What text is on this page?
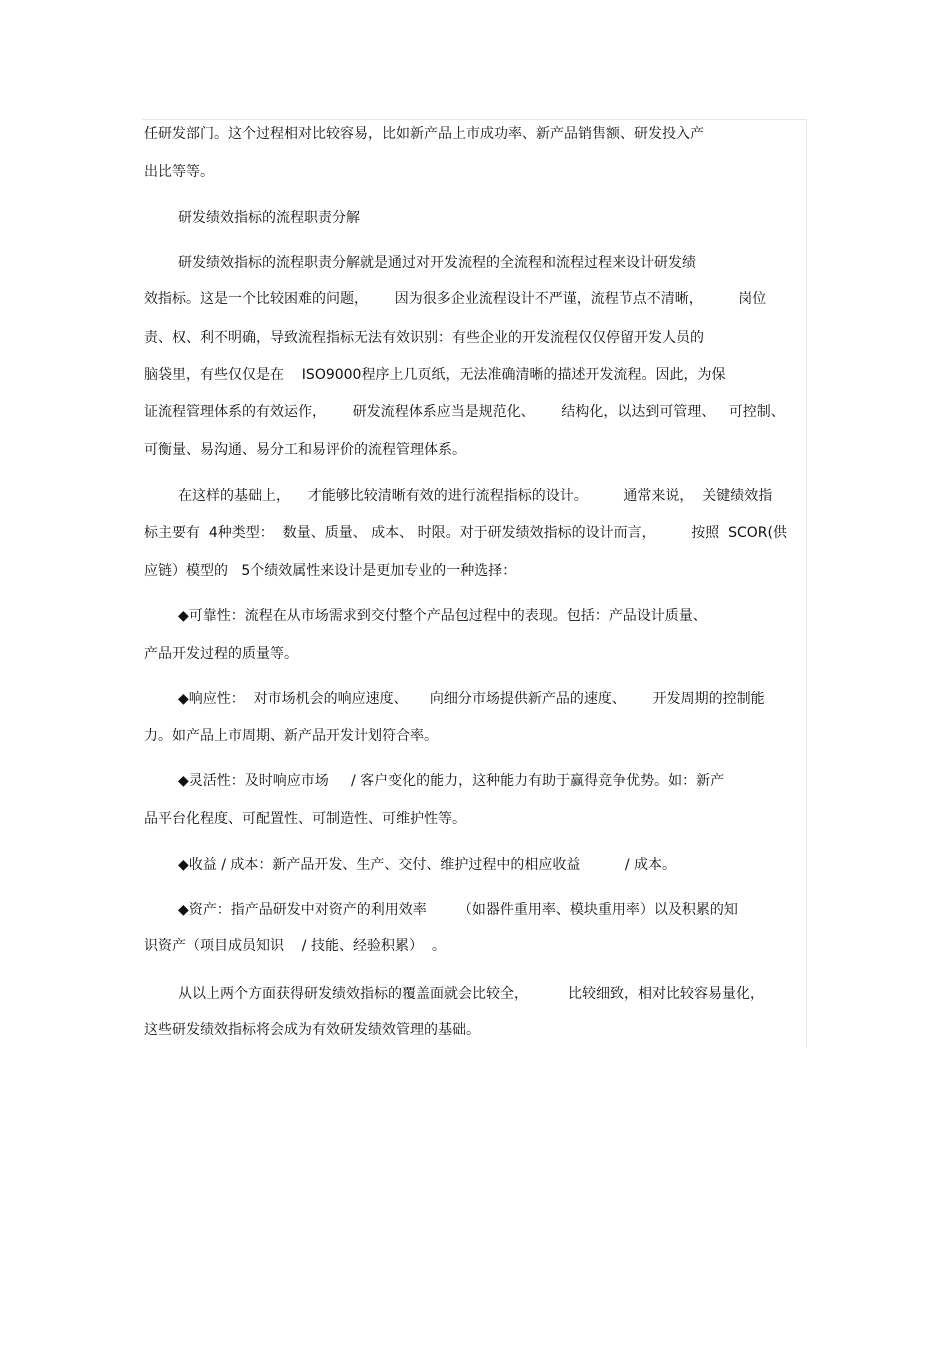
任研发部门。这个过程相对比较容易，比如新产品上市成功率、新产品销售额、研发投入产
出比等等。
研发绩效指标的流程职责分解
研发绩效指标的流程职责分解就是通过对开发流程的全流程和流程过程来设计研发绩
效指标。这是一个比较困难的问题，      因为很多企业流程设计不严谨，流程节点不清晰，        岗位
责、权、利不明确，导致流程指标无法有效识别：有些企业的开发流程仅仅停留开发人员的
脑袋里，有些仅仅是在    ISO9000程序上几页纸，无法准确清晰的描述开发流程。因此，为保
证流程管理体系的有效运作，      研发流程体系应当是规范化、      结构化，以达到可管理、   可控制、
可衡量、易沟通、易分工和易评价的流程管理体系。
在这样的基础上，    才能够比较清晰有效的进行流程指标的设计。        通常来说，  关键绩效指
标主要有  4种类型：  数量、质量、 成本、 时限。对于研发绩效指标的设计而言，        按照  SCOR(供
应链）模型的   5个绩效属性来设计是更加专业的一种选择：
◆可靠性：流程在从市场需求到交付整个产品包过程中的表现。包括：产品设计质量、
产品开发过程的质量等。
◆响应性：  对市场机会的响应速度、     向细分市场提供新产品的速度、      开发周期的控制能
力。如产品上市周期、新产品开发计划符合率。
◆灵活性：及时响应市场     / 客户变化的能力，这种能力有助于赢得竞争优势。如：新产
品平台化程度、可配置性、可制造性、可维护性等。
◆收益 / 成本：新产品开发、生产、交付、维护过程中的相应收益          / 成本。
◆资产：指产品研发中对资产的利用效率       （如器件重用率、模块重用率）以及积累的知
识资产（项目成员知识    / 技能、经验积累）  。
从以上两个方面获得研发绩效指标的覆盖面就会比较全，         比较细致，相对比较容易量化，
这些研发绩效指标将会成为有效研发绩效管理的基础。
